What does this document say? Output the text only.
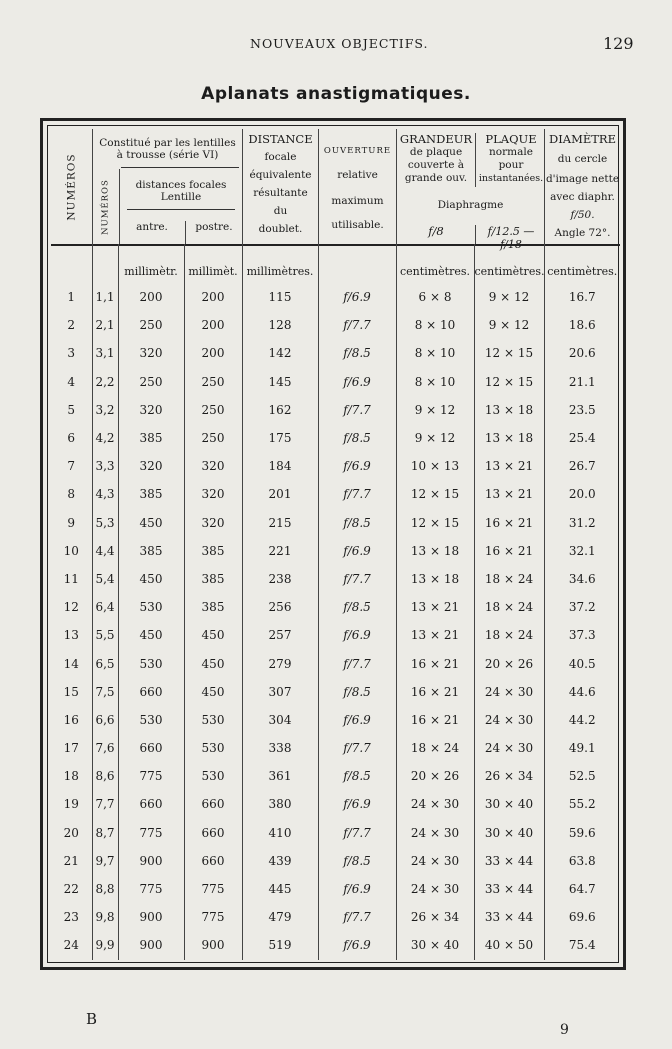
NOUVEAUX OBJECTIFS.	129
Aplanats anastigmatiques.
NUMÉROS
Constitué par les lentilles
à trousse (série VI)
NUMÉROS	distances focales
Lentille
antre.	postre.
DISTANCE
focale
équivalente
résultante
du
doublet.
OUVERTURE
relative
maximum
utilisable.
GRANDEUR
de plaque
couverte à
grande ouv.
PLAQUE
normale
pour
instantanées.
Diaphragme
f/8	f/12.5 — f/18
DIAMÈTRE
du cercle
d'image nette
avec diaphr.
f/50.
Angle 72°.
		millimètr.	millimèt.	millimètres.		centimètres.	centimètres.	centimètres.
1	1,1	200	200	115	f/6.9	6 × 8	9 × 12	16.7
2	2,1	250	200	128	f/7.7	8 × 10	9 × 12	18.6
3	3,1	320	200	142	f/8.5	8 × 10	12 × 15	20.6
4	2,2	250	250	145	f/6.9	8 × 10	12 × 15	21.1
5	3,2	320	250	162	f/7.7	9 × 12	13 × 18	23.5
6	4,2	385	250	175	f/8.5	9 × 12	13 × 18	25.4
7	3,3	320	320	184	f/6.9	10 × 13	13 × 21	26.7
8	4,3	385	320	201	f/7.7	12 × 15	13 × 21	20.0
9	5,3	450	320	215	f/8.5	12 × 15	16 × 21	31.2
10	4,4	385	385	221	f/6.9	13 × 18	16 × 21	32.1
11	5,4	450	385	238	f/7.7	13 × 18	18 × 24	34.6
12	6,4	530	385	256	f/8.5	13 × 21	18 × 24	37.2
13	5,5	450	450	257	f/6.9	13 × 21	18 × 24	37.3
14	6,5	530	450	279	f/7.7	16 × 21	20 × 26	40.5
15	7,5	660	450	307	f/8.5	16 × 21	24 × 30	44.6
16	6,6	530	530	304	f/6.9	16 × 21	24 × 30	44.2
17	7,6	660	530	338	f/7.7	18 × 24	24 × 30	49.1
18	8,6	775	530	361	f/8.5	20 × 26	26 × 34	52.5
19	7,7	660	660	380	f/6.9	24 × 30	30 × 40	55.2
20	8,7	775	660	410	f/7.7	24 × 30	30 × 40	59.6
21	9,7	900	660	439	f/8.5	24 × 30	33 × 44	63.8
22	8,8	775	775	445	f/6.9	24 × 30	33 × 44	64.7
23	9,8	900	775	479	f/7.7	26 × 34	33 × 44	69.6
24	9,9	900	900	519	f/6.9	30 × 40	40 × 50	75.4
B
9
